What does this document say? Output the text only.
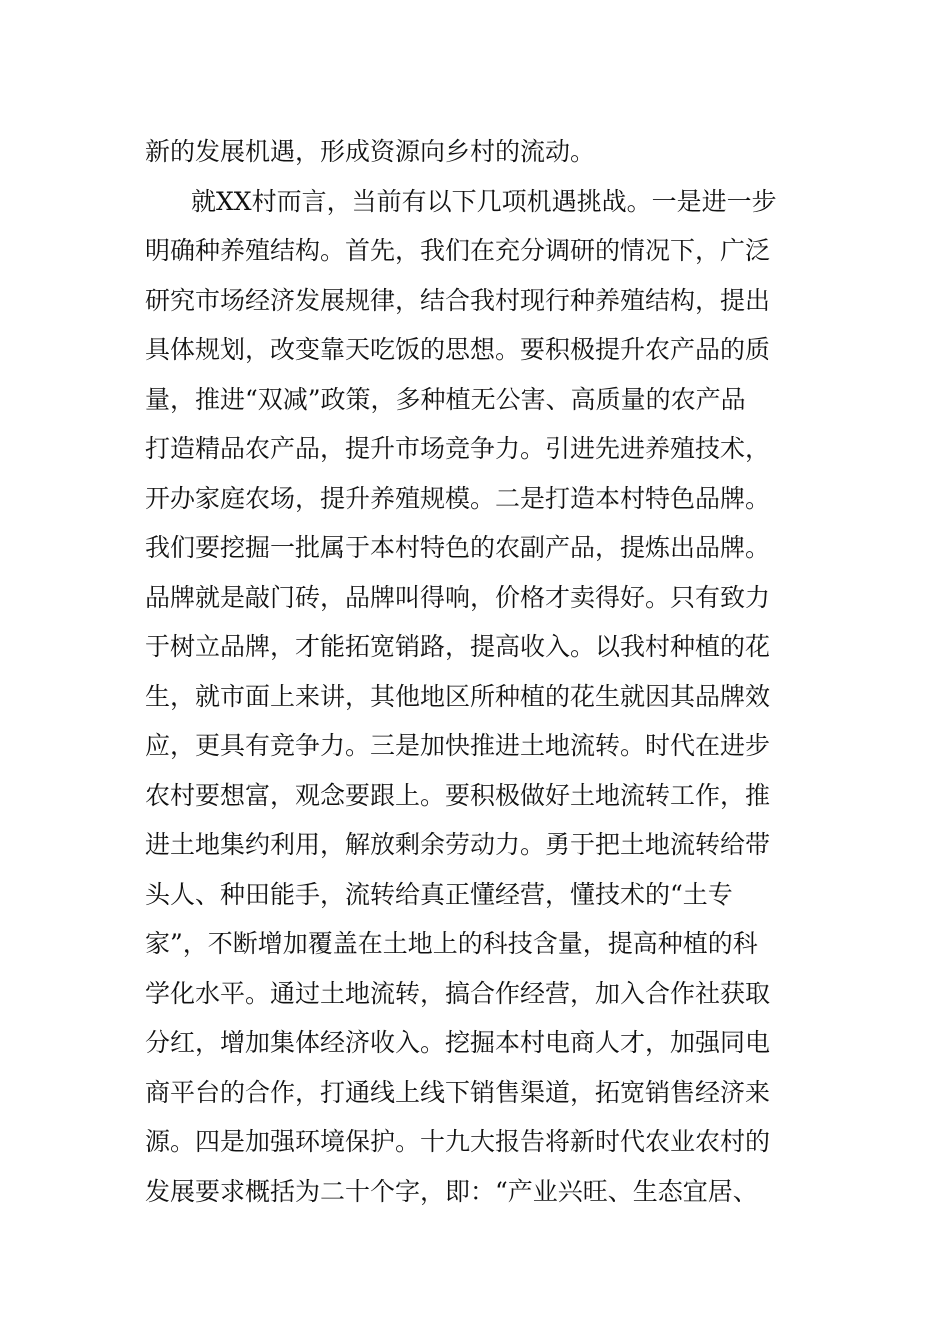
新的发展机遇，形成资源向乡村的流动。
就XX村而言，当前有以下几项机遇挑战。一是进一步
明确种养殖结构。首先，我们在充分调研的情况下，广泛
研究市场经济发展规律，结合我村现行种养殖结构，提出
具体规划，改变靠天吃饭的思想。要积极提升农产品的质
量，推进“双减”政策，多种植无公害、高质量的农产品
打造精品农产品，提升市场竞争力。引进先进养殖技术，
开办家庭农场，提升养殖规模。二是打造本村特色品牌。
我们要挖掘一批属于本村特色的农副产品，提炼出品牌。
品牌就是敲门砖，品牌叫得响，价格才卖得好。只有致力
于树立品牌，才能拓宽销路，提高收入。以我村种植的花
生，就市面上来讲，其他地区所种植的花生就因其品牌效
应，更具有竞争力。三是加快推进土地流转。时代在进步
农村要想富，观念要跟上。要积极做好土地流转工作，推
进土地集约利用，解放剩余劳动力。勇于把土地流转给带
头人、种田能手，流转给真正懂经营，懂技术的“土专
家”，不断增加覆盖在土地上的科技含量，提高种植的科
学化水平。通过土地流转，搞合作经营，加入合作社获取
分红，增加集体经济收入。挖掘本村电商人才，加强同电
商平台的合作，打通线上线下销售渠道，拓宽销售经济来
源。四是加强环境保护。十九大报告将新时代农业农村的
发展要求概括为二十个字，即：“产业兴旺、生态宜居、
